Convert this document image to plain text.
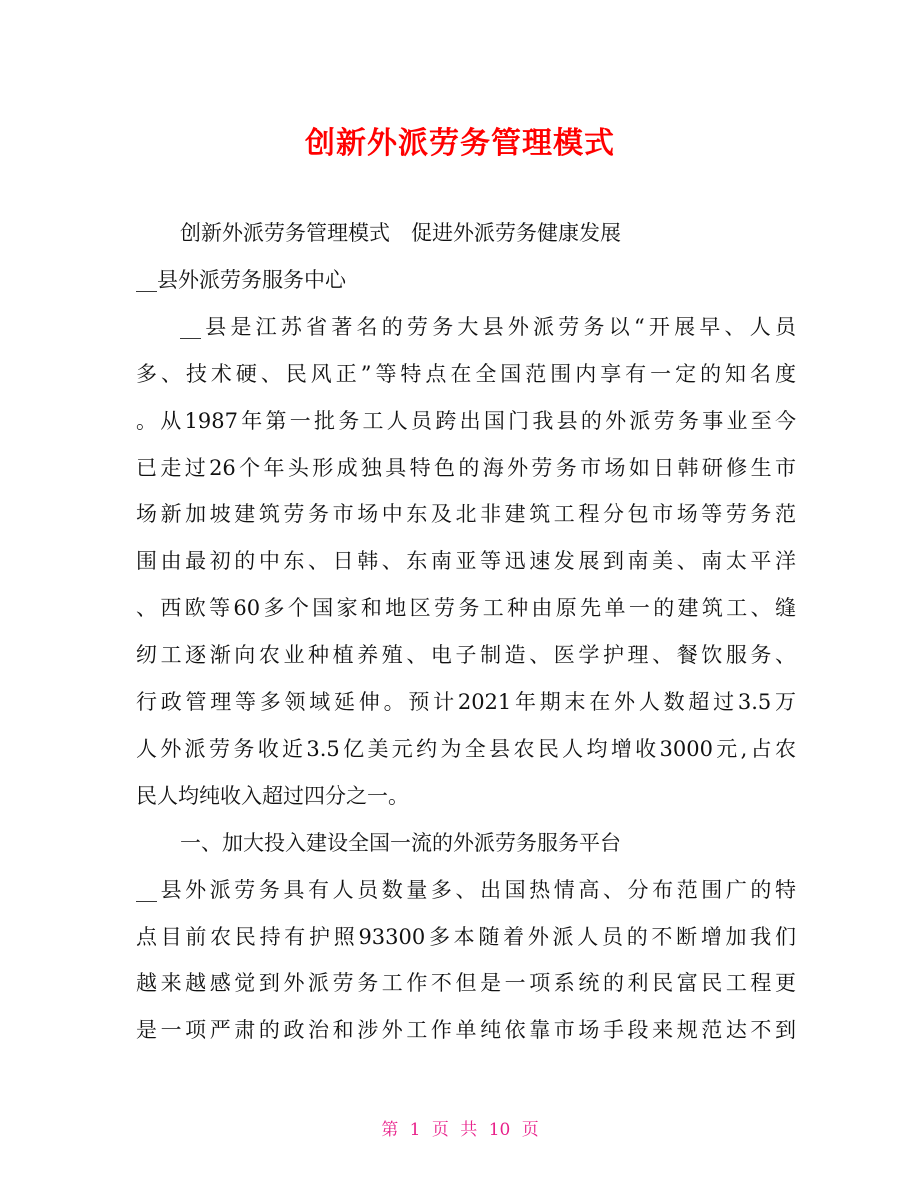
创新外派劳务管理模式
创新外派劳务管理模式　促进外派劳务健康发展
__县外派劳务服务中心
__县是江苏省著名的劳务大县外派劳务以“开展早、人员
多、技术硬、民风正”等特点在全国范围内享有一定的知名度
。从1987年第一批务工人员跨出国门我县的外派劳务事业至今
已走过26个年头形成独具特色的海外劳务市场如日韩研修生市
场新加坡建筑劳务市场中东及北非建筑工程分包市场等劳务范
围由最初的中东、日韩、东南亚等迅速发展到南美、南太平洋
、西欧等60多个国家和地区劳务工种由原先单一的建筑工、缝
纫工逐渐向农业种植养殖、电子制造、医学护理、餐饮服务、
行政管理等多领域延伸。预计2021年期末在外人数超过3.5万
人外派劳务收近3.5亿美元约为全县农民人均增收3000元,占农
民人均纯收入超过四分之一。
一、加大投入建设全国一流的外派劳务服务平台
__县外派劳务具有人员数量多、出国热情高、分布范围广的特
点目前农民持有护照93300多本随着外派人员的不断增加我们
越来越感觉到外派劳务工作不但是一项系统的利民富民工程更
是一项严肃的政治和涉外工作单纯依靠市场手段来规范达不到
第 1 页 共 10 页
